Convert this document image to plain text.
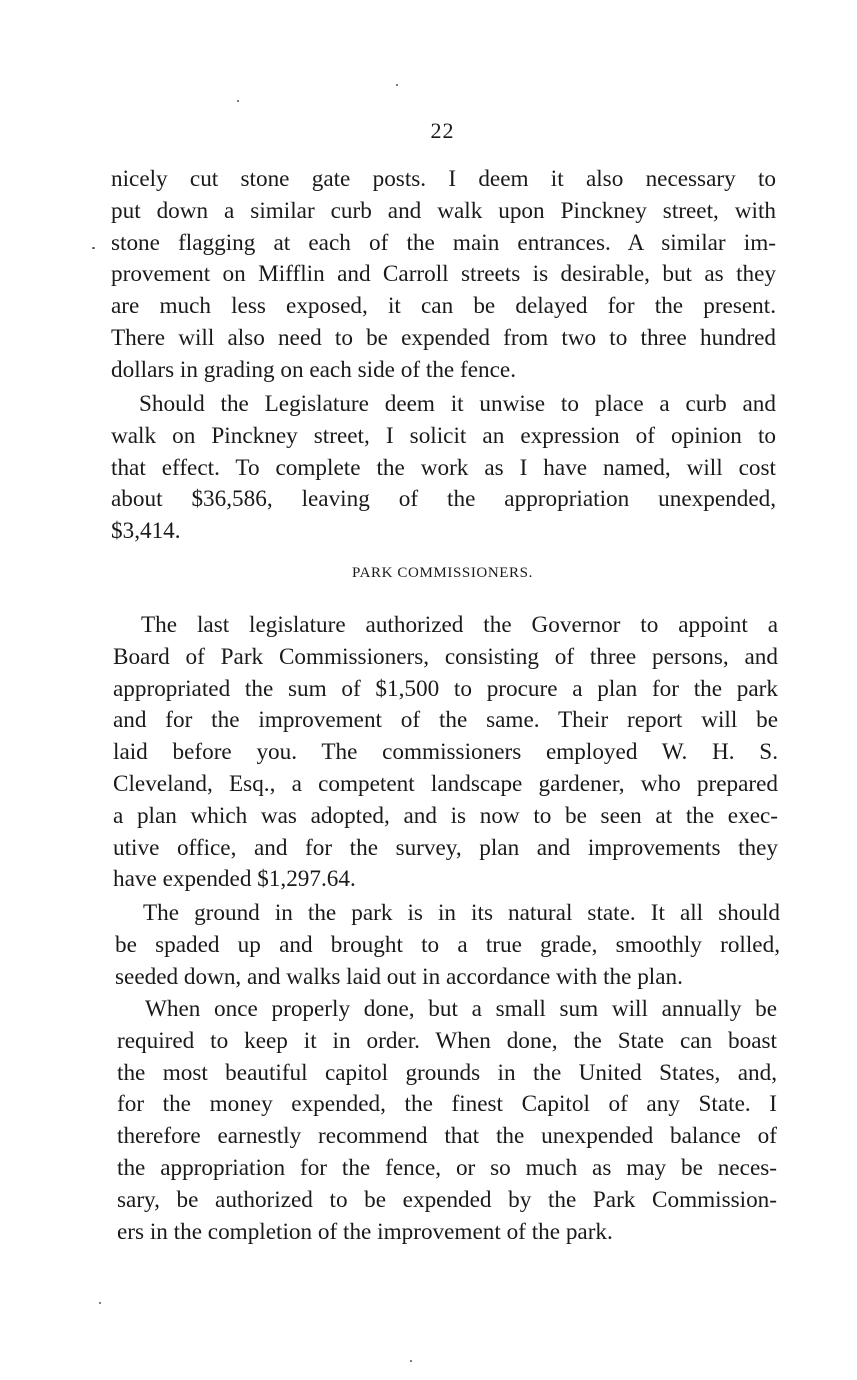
22
nicely cut stone gate posts. I deem it also necessary to
put down a similar curb and walk upon Pinckney street, with
stone flagging at each of the main entrances. A similar im-
provement on Mifflin and Carroll streets is desirable, but as they
are much less exposed, it can be delayed for the present.
There will also need to be expended from two to three hundred
dollars in grading on each side of the fence.
Should the Legislature deem it unwise to place a curb and
walk on Pinckney street, I solicit an expression of opinion to
that effect. To complete the work as I have named, will cost
about $36,586, leaving of the appropriation unexpended,
$3,414.
PARK COMMISSIONERS.
The last legislature authorized the Governor to appoint a
Board of Park Commissioners, consisting of three persons, and
appropriated the sum of $1,500 to procure a plan for the park
and for the improvement of the same. Their report will be
laid before you. The commissioners employed W. H. S.
Cleveland, Esq., a competent landscape gardener, who prepared
a plan which was adopted, and is now to be seen at the exec-
utive office, and for the survey, plan and improvements they
have expended $1,297.64.
The ground in the park is in its natural state. It all should
be spaded up and brought to a true grade, smoothly rolled,
seeded down, and walks laid out in accordance with the plan.
When once properly done, but a small sum will annually be
required to keep it in order. When done, the State can boast
the most beautiful capitol grounds in the United States, and,
for the money expended, the finest Capitol of any State. I
therefore earnestly recommend that the unexpended balance of
the appropriation for the fence, or so much as may be neces-
sary, be authorized to be expended by the Park Commission-
ers in the completion of the improvement of the park.
